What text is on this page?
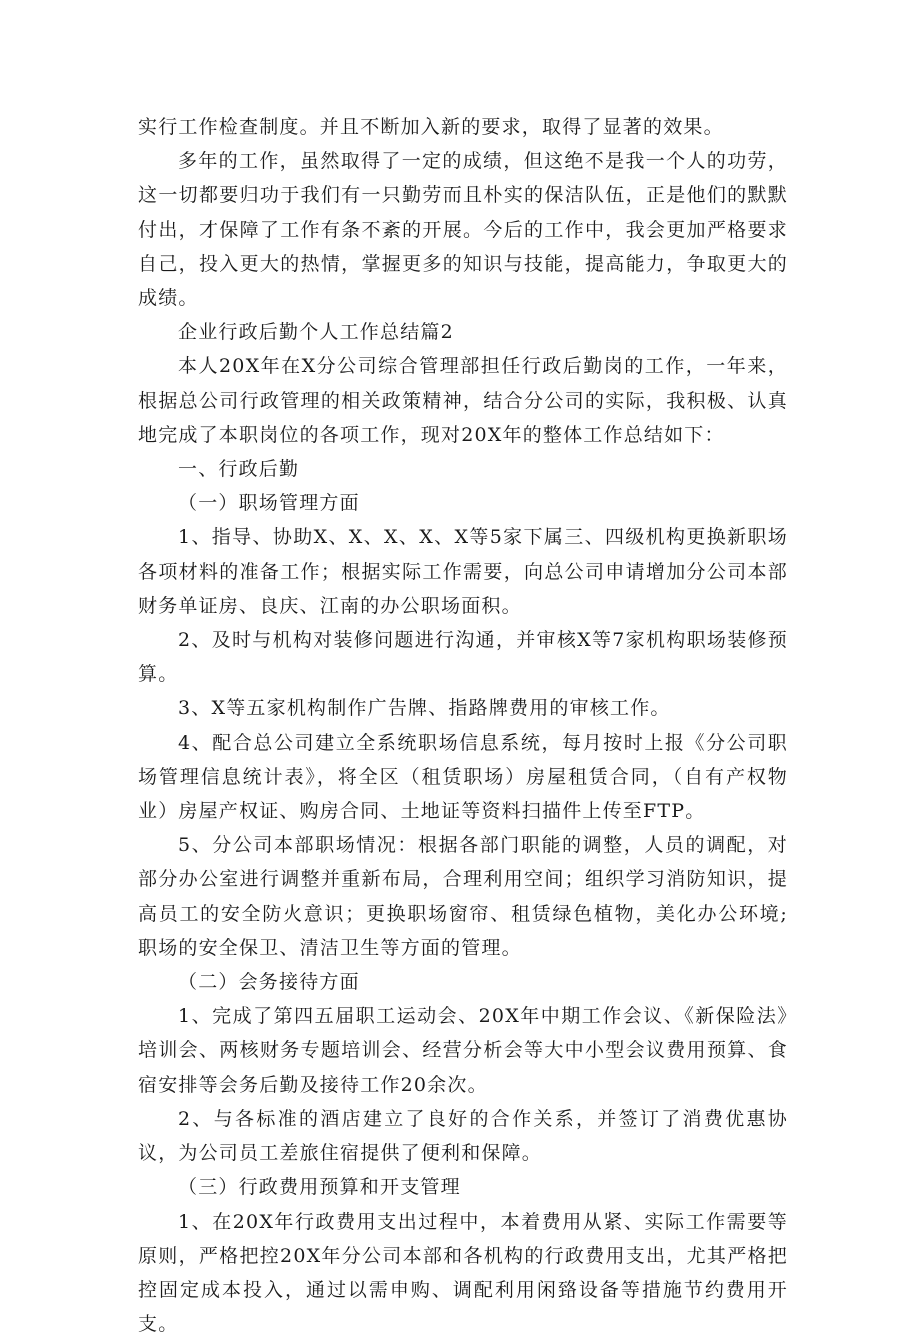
实行工作检查制度。并且不断加入新的要求，取得了显著的效果。

多年的工作，虽然取得了一定的成绩，但这绝不是我一个人的功劳，这一切都要归功于我们有一只勤劳而且朴实的保洁队伍，正是他们的默默付出，才保障了工作有条不紊的开展。今后的工作中，我会更加严格要求自己，投入更大的热情，掌握更多的知识与技能，提高能力，争取更大的成绩。

企业行政后勤个人工作总结篇2

本人20X年在X分公司综合管理部担任行政后勤岗的工作，一年来，根据总公司行政管理的相关政策精神，结合分公司的实际，我积极、认真地完成了本职岗位的各项工作，现对20X年的整体工作总结如下：

一、行政后勤

（一）职场管理方面

1、指导、协助X、X、X、X、X等5家下属三、四级机构更换新职场各项材料的准备工作；根据实际工作需要，向总公司申请增加分公司本部财务单证房、良庆、江南的办公职场面积。

2、及时与机构对装修问题进行沟通，并审核X等7家机构职场装修预算。

3、X等五家机构制作广告牌、指路牌费用的审核工作。

4、配合总公司建立全系统职场信息系统，每月按时上报《分公司职场管理信息统计表》，将全区（租赁职场）房屋租赁合同，（自有产权物业）房屋产权证、购房合同、土地证等资料扫描件上传至FTP。

5、分公司本部职场情况：根据各部门职能的调整，人员的调配，对部分办公室进行调整并重新布局，合理利用空间；组织学习消防知识，提高员工的安全防火意识；更换职场窗帘、租赁绿色植物，美化办公环境;职场的安全保卫、清洁卫生等方面的管理。

（二）会务接待方面

1、完成了第四五届职工运动会、20X年中期工作会议、《新保险法》培训会、两核财务专题培训会、经营分析会等大中小型会议费用预算、食宿安排等会务后勤及接待工作20余次。

2、与各标准的酒店建立了良好的合作关系，并签订了消费优惠协议，为公司员工差旅住宿提供了便利和保障。

（三）行政费用预算和开支管理

1、在20X年行政费用支出过程中，本着费用从紧、实际工作需要等原则，严格把控20X年分公司本部和各机构的行政费用支出，尤其严格把控固定成本投入，通过以需申购、调配利用闲臵设备等措施节约费用开支。
